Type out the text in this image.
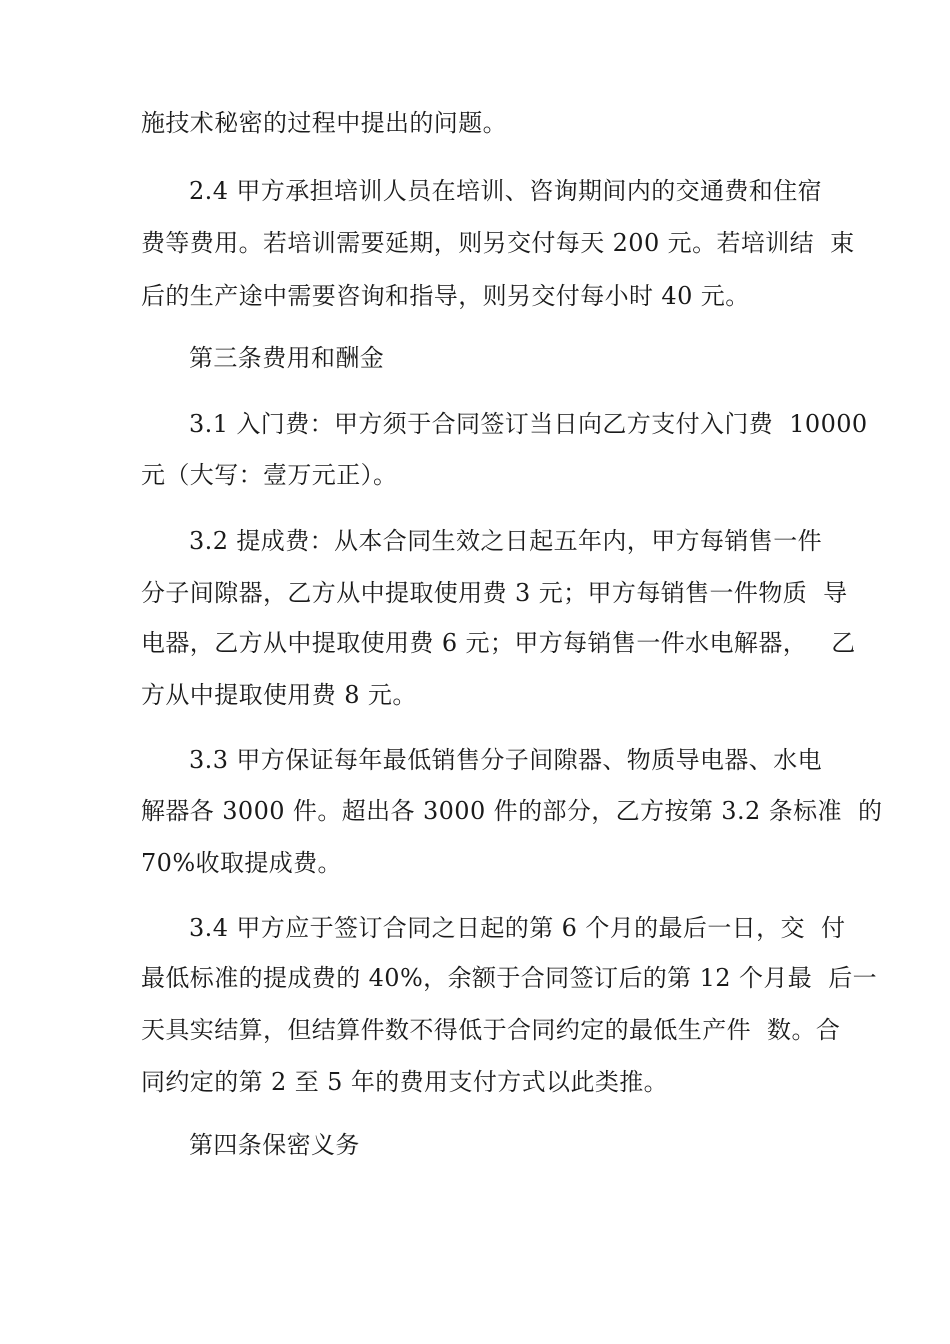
施技术秘密的过程中提出的问题。
2.4 甲方承担培训人员在培训、咨询期间内的交通费和住宿
费等费用。若培训需要延期，则另交付每天 200 元。若培训结  束
后的生产途中需要咨询和指导，则另交付每小时 40 元。
第三条费用和酬金
3.1 入门费：甲方须于合同签订当日向乙方支付入门费  10000
元（大写：壹万元正）。
3.2 提成费：从本合同生效之日起五年内，甲方每销售一件
分子间隙器，乙方从中提取使用费 3 元；甲方每销售一件物质  导
电器，乙方从中提取使用费 6 元；甲方每销售一件水电解器，   乙
方从中提取使用费 8 元。
3.3 甲方保证每年最低销售分子间隙器、物质导电器、水电
解器各 3000 件。超出各 3000 件的部分，乙方按第 3.2 条标准  的
70%收取提成费。
3.4 甲方应于签订合同之日起的第 6 个月的最后一日，交  付
最低标准的提成费的 40%，余额于合同签订后的第 12 个月最  后一
天具实结算，但结算件数不得低于合同约定的最低生产件  数。合
同约定的第 2 至 5 年的费用支付方式以此类推。
第四条保密义务
